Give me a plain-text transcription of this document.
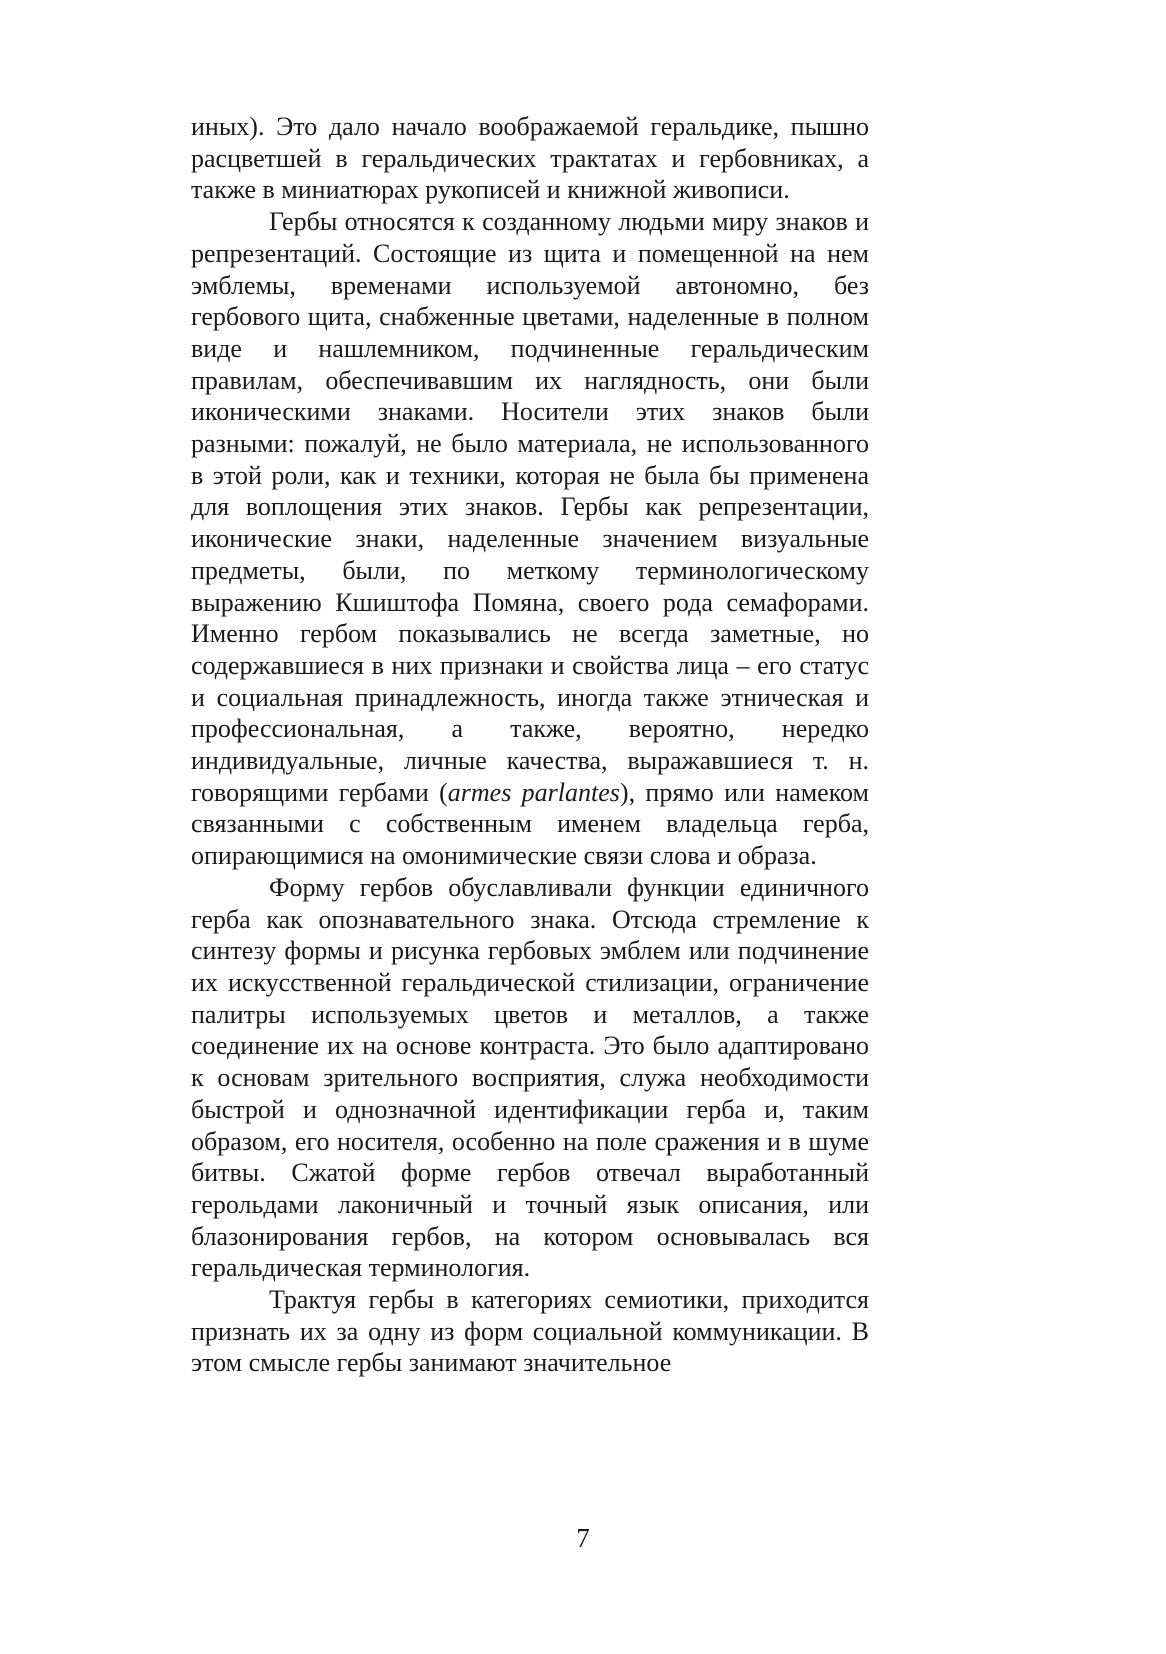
иных). Это дало начало воображаемой геральдике, пышно расцветшей в геральдических трактатах и гербовниках, а также в миниатюрах рукописей и книжной живописи.

Гербы относятся к созданному людьми миру знаков и репрезентаций. Состоящие из щита и помещенной на нем эмблемы, временами используемой автономно, без гербового щита, снабженные цветами, наделенные в полном виде и нашлемником, подчиненные геральдическим правилам, обеспечивавшим их наглядность, они были иконическими знаками. Носители этих знаков были разными: пожалуй, не было материала, не использованного в этой роли, как и техники, которая не была бы применена для воплощения этих знаков. Гербы как репрезентации, иконические знаки, наделенные значением визуальные предметы, были, по меткому терминологическому выражению Кшиштофа Помяна, своего рода семафорами. Именно гербом показывались не всегда заметные, но содержавшиеся в них признаки и свойства лица – его статус и социальная принадлежность, иногда также этническая и профессиональная, а также, вероятно, нередко индивидуальные, личные качества, выражавшиеся т. н. говорящими гербами (armes parlantes), прямо или намеком связанными с собственным именем владельца герба, опирающимися на омонимические связи слова и образа.

Форму гербов обуславливали функции единичного герба как опознавательного знака. Отсюда стремление к синтезу формы и рисунка гербовых эмблем или подчинение их искусственной геральдической стилизации, ограничение палитры используемых цветов и металлов, а также соединение их на основе контраста. Это было адаптировано к основам зрительного восприятия, служа необходимости быстрой и однозначной идентификации герба и, таким образом, его носителя, особенно на поле сражения и в шуме битвы. Сжатой форме гербов отвечал выработанный герольдами лаконичный и точный язык описания, или блазонирования гербов, на котором основывалась вся геральдическая терминология.

Трактуя гербы в категориях семиотики, приходится признать их за одну из форм социальной коммуникации. В этом смысле гербы занимают значительное

7
